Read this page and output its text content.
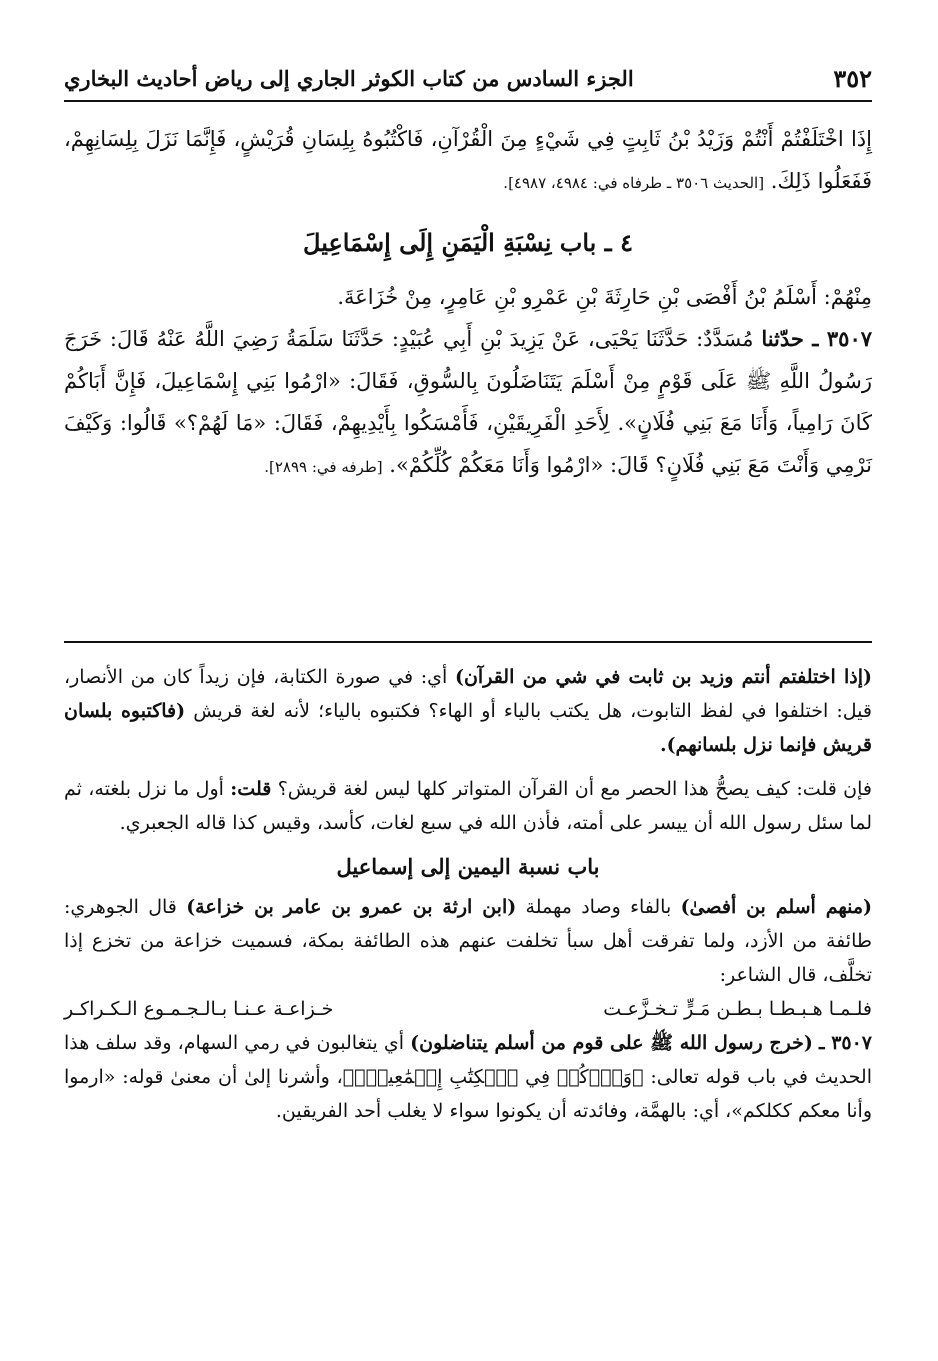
٣٥٢
الجزء السادس من كتاب الكوثر الجاري إلى رياض أحاديث البخاري

إِذَا اخْتَلَفْتُمْ أَنْتُمْ وَزَيْدُ بْنُ ثَابِتٍ فِي شَيْءٍ مِنَ الْقُرْآنِ، فَاكْتُبُوهُ بِلِسَانِ قُرَيْشٍ، فَإِنَّمَا نَزَلَ بِلِسَانِهِمْ، فَفَعَلُوا ذَلِكَ. [الحديث ٣٥٠٦ ـ طرفاه في: ٤٩٨٤، ٤٩٨٧].

٤ ـ باب نِسْبَةِ الْيَمَنِ إِلَى إِسْمَاعِيلَ

مِنْهُمْ: أَسْلَمُ بْنُ أَفْصَى بْنِ حَارِثَةَ بْنِ عَمْرِو بْنِ عَامِرٍ، مِنْ خُزَاعَةَ.

٣٥٠٧ ـ حدّثنا مُسَدَّدٌ: حَدَّثَنَا يَحْيَى، عَنْ يَزِيدَ بْنِ أَبِي عُبَيْدٍ: حَدَّثَنَا سَلَمَةُ رَضِيَ اللَّهُ عَنْهُ قَالَ: خَرَجَ رَسُولُ اللَّهِ ﷺ عَلَى قَوْمٍ مِنْ أَسْلَمَ يَتَنَاضَلُونَ بِالسُّوقِ، فَقَالَ: «ارْمُوا بَنِي إِسْمَاعِيلَ، فَإِنَّ أَبَاكُمْ كَانَ رَامِياً، وَأَنَا مَعَ بَنِي فُلَانٍ». لِأَحَدِ الْفَرِيقَيْنِ، فَأَمْسَكُوا بِأَيْدِيهِمْ، فَقَالَ: «مَا لَهُمْ؟» قَالُوا: وَكَيْفَ نَرْمِي وَأَنْتَ مَعَ بَنِي فُلَانٍ؟ قَالَ: «ارْمُوا وَأَنَا مَعَكُمْ كُلِّكُمْ». [طرفه في: ٢٨٩٩].

(إذا اختلفتم أنتم وزيد بن ثابت في شي من القرآن) أي: في صورة الكتابة، فإن زيداً كان من الأنصار، قيل: اختلفوا في لفظ التابوت، هل يكتب بالياء أو الهاء؟ فكتبوه بالياء؛ لأنه لغة قريش (فاكتبوه بلسان قريش فإنما نزل بلسانهم).

فإن قلت: كيف يصحُّ هذا الحصر مع أن القرآن المتواتر كلها ليس لغة قريش؟ قلت: أول ما نزل بلغته، ثم لما سئل رسول الله أن ييسر على أمته، فأذن الله في سبع لغات، كأسد، وقيس كذا قاله الجعبري.

باب نسبة اليمين إلى إسماعيل

(منهم أسلم بن أفصىٰ) بالفاء وصاد مهملة (ابن ارثة بن عمرو بن عامر بن خزاعة) قال الجوهري: طائفة من الأزد، ولما تفرقت أهل سبأ تخلفت عنهم هذه الطائفة بمكة، فسميت خزاعة من تخزع إذا تخلَّف، قال الشاعر:

فلـمـا هـبـطـا بـطـن مَـرٍّ تـخـزَّعـت
خـزاعـة عـنـا بـالـجـمـوع الـكـراكـر

٣٥٠٧ ـ (خرج رسول الله ﷺ على قوم من أسلم يتناضلون) أي يتغالبون في رمي السهام، وقد سلف هذا الحديث في باب قوله تعالى: ﴿وَٱذۡكُرۡ فِي ٱلۡكِتَٰبِ إِسۡمَٰعِيلَۚ﴾، وأشرنا إلىٰ أن معنىٰ قوله: «ارموا وأنا معكم ككلكم»، أي: بالهمَّة، وفائدته أن يكونوا سواء لا يغلب أحد الفريقين.
